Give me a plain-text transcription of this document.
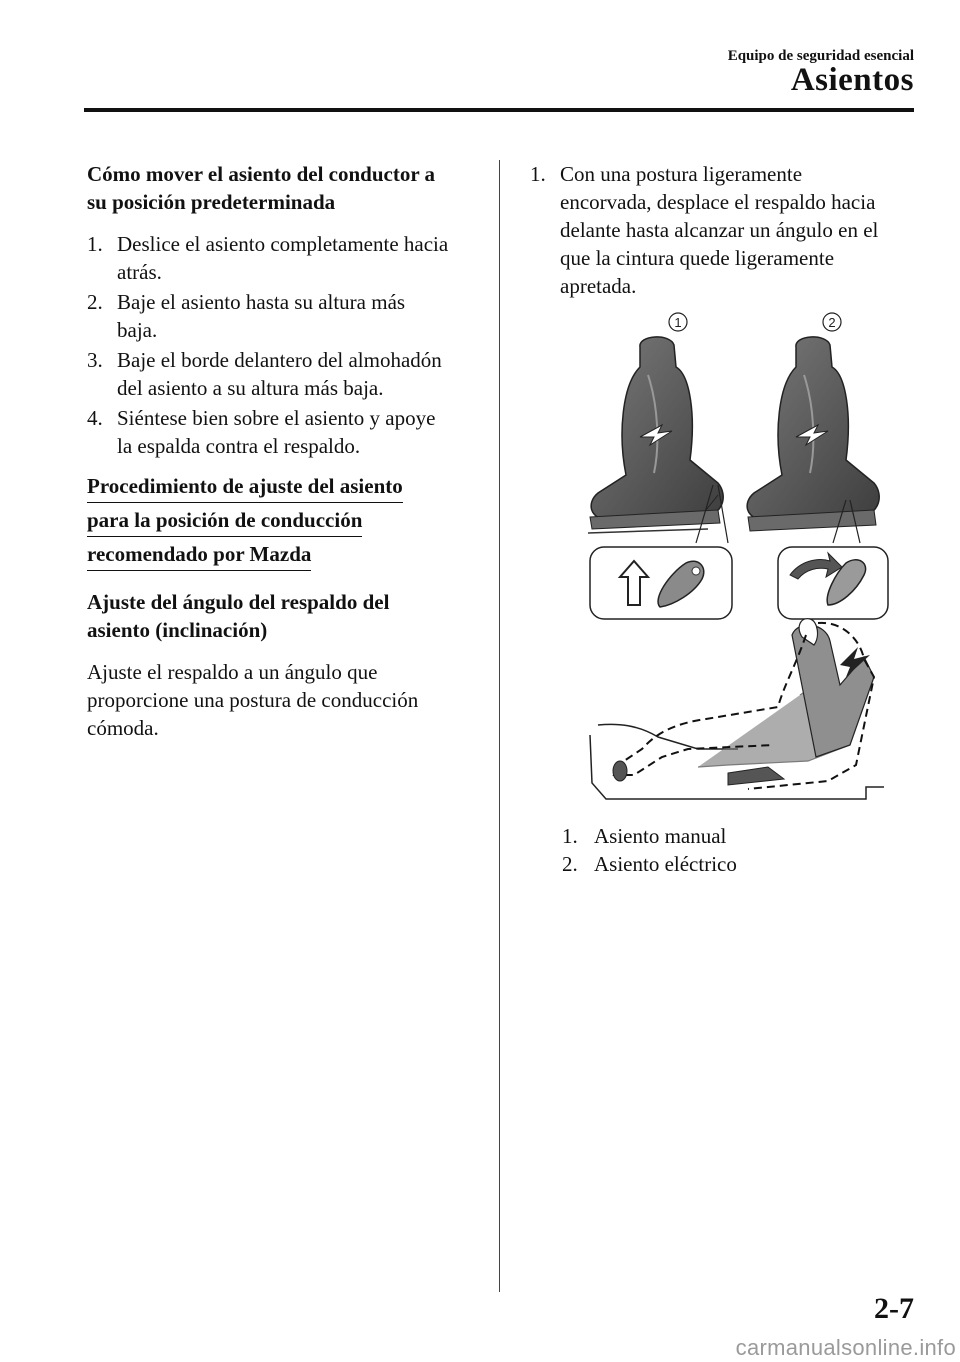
Equipo de seguridad esencial
Asientos
Cómo mover el asiento del conductor a
su posición predeterminada
1. Deslice el asiento completamente hacia
atrás.
2. Baje el asiento hasta su altura más
baja.
3. Baje el borde delantero del almohadón
del asiento a su altura más baja.
4. Siéntese bien sobre el asiento y apoye
la espalda contra el respaldo.
Procedimiento de ajuste del asiento
para la posición de conducción
recomendado por Mazda
Ajuste del ángulo del respaldo del
asiento (inclinación)

Ajuste el respaldo a un ángulo que
proporcione una postura de conducción
cómoda.

1. Con una postura ligeramente
encorvada, desplace el respaldo hacia
delante hasta alcanzar un ángulo en el
que la cintura quede ligeramente
apretada.
1	2
1. Asiento manual
2. Asiento eléctrico
2-7
carmanualsonline.info
